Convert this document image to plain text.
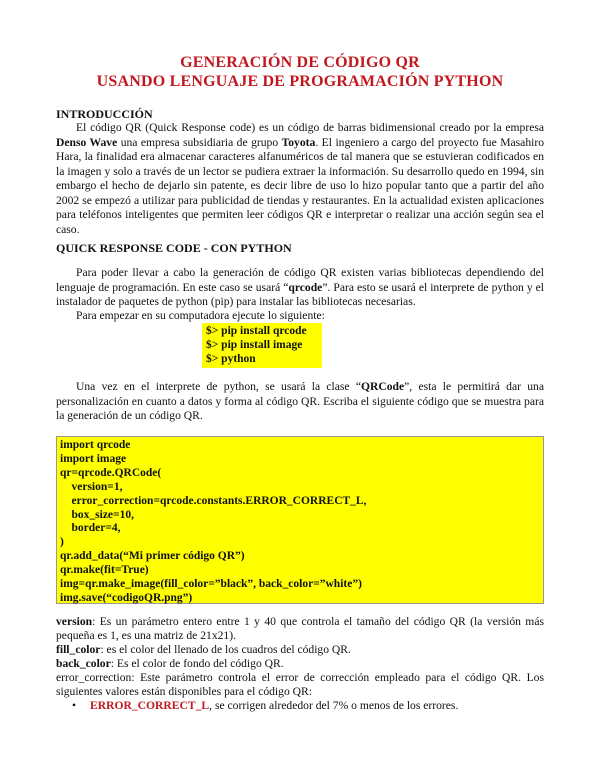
GENERACIÓN DE CÓDIGO QR
USANDO LENGUAJE DE PROGRAMACIÓN PYTHON
INTRODUCCIÓN
El código QR (Quick Response code) es un código de barras bidimensional creado por la empresa Denso Wave una empresa subsidiaria de grupo Toyota. El ingeniero a cargo del proyecto fue Masahiro Hara, la finalidad era almacenar caracteres alfanuméricos de tal manera que se estuvieran codificados en la imagen y solo a través de un lector se pudiera extraer la información. Su desarrollo quedo en 1994, sin embargo el hecho de dejarlo sin patente, es decir libre de uso lo hizo popular tanto que a partir del año 2002 se empezó a utilizar para publicidad de tiendas y restaurantes. En la actualidad existen aplicaciones para teléfonos inteligentes que permiten leer códigos QR e interpretar o realizar una acción según sea el caso.
QUICK RESPONSE CODE - CON PYTHON
Para poder llevar a cabo la generación de código QR existen varias bibliotecas dependiendo del lenguaje de programación. En este caso se usará “qrcode”. Para esto se usará el interprete de python y el instalador de paquetes de python (pip) para instalar las bibliotecas necesarias.
Para empezar en su computadora ejecute lo siguiente:
$> pip install qrcode
$> pip install image
$> python
Una vez en el interprete de python, se usará la clase “QRCode”, esta le permitirá dar una personalización en cuanto a datos y forma al código QR. Escriba el siguiente código que se muestra para la generación de un código QR.
import qrcode
import image
qr=qrcode.QRCode(
version=1,
error_correction=qrcode.constants.ERROR_CORRECT_L,
box_size=10,
border=4,
)
qr.add_data(“Mi primer código QR”)
qr.make(fit=True)
img=qr.make_image(fill_color=”black”, back_color=”white”)
img.save(“codigoQR.png”)
version: Es un parámetro entero entre 1 y 40 que controla el tamaño del código QR (la versión más pequeña es 1, es una matriz de 21x21).
fill_color: es el color del llenado de los cuadros del código QR.
back_color: Es el color de fondo del código QR.
error_correction: Este parámetro controla el error de corrección empleado para el código QR. Los siguientes valores están disponibles para el código QR:
• ERROR_CORRECT_L, se corrigen alrededor del 7% o menos de los errores.
